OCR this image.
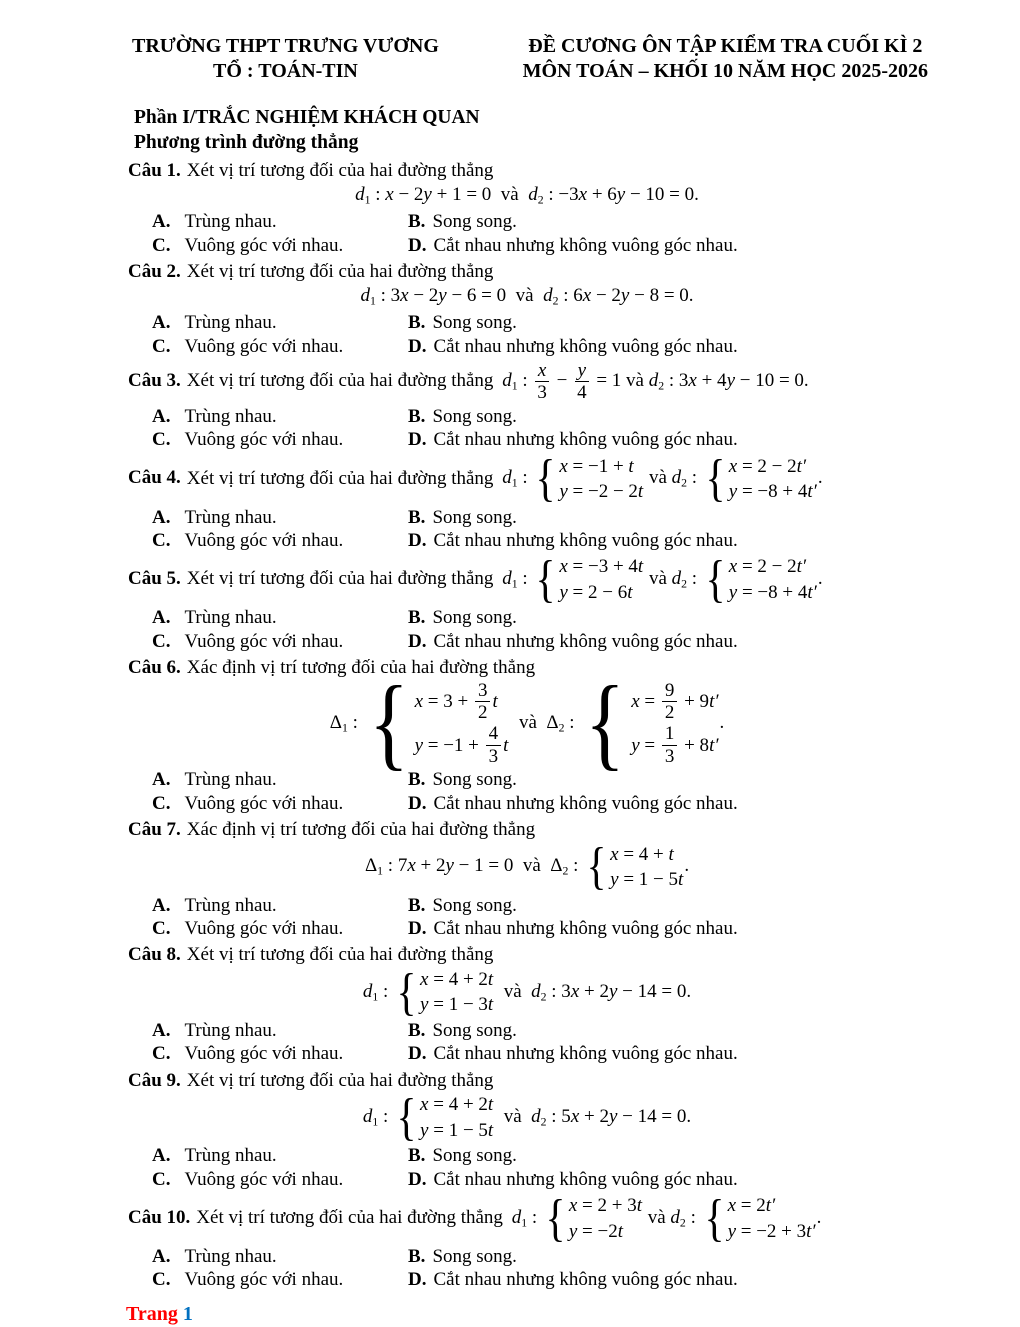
TRƯỜNG THPT TRƯNG VƯƠNG
TỔ : TOÁN-TIN
ĐỀ CƯƠNG ÔN TẬP KIỂM TRA CUỐI KÌ 2
MÔN TOÁN – KHỐI 10 NĂM HỌC 2025-2026
Phần I/TRẮC NGHIỆM KHÁCH QUAN
Phương trình đường thẳng
Câu 1. Xét vị trí tương đối của hai đường thẳng
d1 : x − 2y + 1 = 0  và  d2 : −3x + 6y − 10 = 0.
A. Trùng nhau.	B. Song song.
C. Vuông góc với nhau.	D. Cắt nhau nhưng không vuông góc nhau.
Câu 2. Xét vị trí tương đối của hai đường thẳng
d1 : 3x − 2y − 6 = 0  và  d2 : 6x − 2y − 8 = 0.
A. Trùng nhau.	B. Song song.
C. Vuông góc với nhau.	D. Cắt nhau nhưng không vuông góc nhau.
Câu 3. Xét vị trí tương đối của hai đường thẳng d1 : $\frac{x}{3} - \frac{y}{4} = 1$ và d2 : 3x + 4y − 10 = 0.
A. Trùng nhau.	B. Song song.
C. Vuông góc với nhau.	D. Cắt nhau nhưng không vuông góc nhau.
Câu 4. Xét vị trí tương đối của hai đường thẳng d1 : { x = −1 + t
y = −2 − 2 t
và d2 : { x = 2 − 2 t′
y = −8 + 4 t′
.
A. Trùng nhau.	B. Song song.
C. Vuông góc với nhau.	D. Cắt nhau nhưng không vuông góc nhau.
Câu 5. Xét vị trí tương đối của hai đường thẳng d1 : { x = −3 + 4 t
y = 2 − 6 t
và d2 : { x = 2 − 2 t′
y = −8 + 4 t′
.
A. Trùng nhau.	B. Song song.
C. Vuông góc với nhau.	D. Cắt nhau nhưng không vuông góc nhau.
Câu 6. Xác định vị trí tương đối của hai đường thẳng
Δ1 : { $x = 3 + \frac{3}{2}$ t
$y = -1 + \frac{4}{3}$ t
và  Δ2 : { $x = \frac{9}{2} + 9$ t′
$y = \frac{1}{3} + 8$ t′
.
A. Trùng nhau.	B. Song song.
C. Vuông góc với nhau.	D. Cắt nhau nhưng không vuông góc nhau.
Câu 7. Xác định vị trí tương đối của hai đường thẳng
Δ1 : 7x + 2y − 1 = 0  và  Δ2 : { x = 4 + t
y = 1 − 5 t
.
A. Trùng nhau.	B. Song song.
C. Vuông góc với nhau.	D. Cắt nhau nhưng không vuông góc nhau.
Câu 8. Xét vị trí tương đối của hai đường thẳng
d1 : { x = 4 + 2 t
y = 1 − 3 t
và  d2 : 3x + 2y − 14 = 0.
A. Trùng nhau.	B. Song song.
C. Vuông góc với nhau.	D. Cắt nhau nhưng không vuông góc nhau.
Câu 9. Xét vị trí tương đối của hai đường thẳng
d1 : { x = 4 + 2 t
y = 1 − 5 t
và  d2 : 5x + 2y − 14 = 0.
A. Trùng nhau.	B. Song song.
C. Vuông góc với nhau.	D. Cắt nhau nhưng không vuông góc nhau.
Câu 10. Xét vị trí tương đối của hai đường thẳng d1 : { x = 2 + 3 t
y = −2 t
và d2 : { x = 2 t′
y = −2 + 3 t′
.
A. Trùng nhau.	B. Song song.
C. Vuông góc với nhau.	D. Cắt nhau nhưng không vuông góc nhau.
Trang 1
